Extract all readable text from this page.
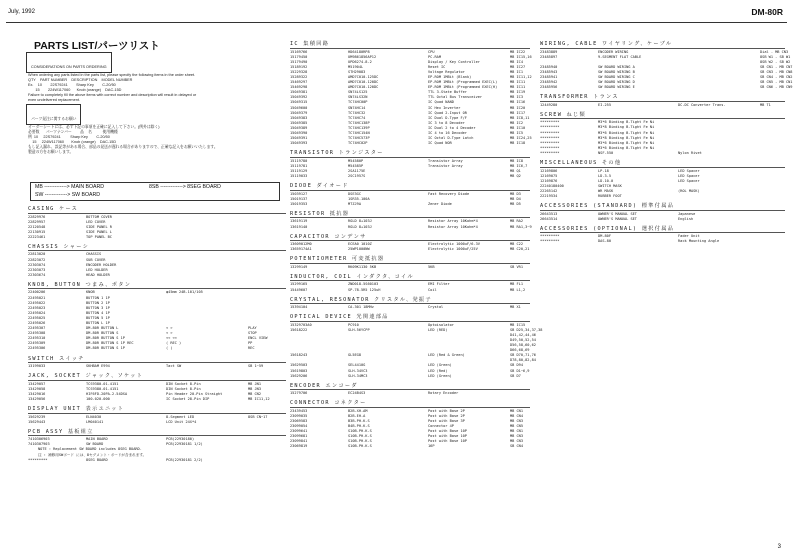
July, 1992	DM-80R
3
PARTS LIST/パーツリスト
CONSIDERATIONS ON PARTS ORDERING
When ordering any parts listed in the parts list, please specify the following items in the order sheet.
QTY    PART NUMBER    DESCRIPTION    MODEL NUMBER
Ex.    10        22S79241        Sharp Key        C-20/50
15        224W117060      Knob (orange)    DAC-15D
Failure to completely fill the above items with correct number and description will result in delayed or
even undelivered replacement.
パーツ発注に関するお願い
オーダーシートには、必ず下記の事項を正確に記入して下さい。(例外は除く)
必要数      パーツナンバー        品    名          使用機種
例  10     22S79241         Sharp Key        C-20/50
15     224W117060       Knob (orange)    DAC-15D
もし記入漏れ、誤記等がある場合、部品の発送が遅れる場合がありますので、正確な記入をお願いいたします。
製造の方をお願いします。
MB -------------> MAIN BOARD
SW -------------> SW BOARD
8SB -------------> 8SEG BOARD
CASING ケース
22829976	BOTTOM COVER
22829957	LED COVER
22120548	SIDE PANEL R
22130915	SIDE PANEL L
22223461	TOP PANEL BC
CHASSIS シャーシ
22813020	CHASSIS
22823072	SUB COVER
22303074	ENCODER HOLDER
22303073	LED HOLDER
22303674	HEAD HOLDER
KNOB, BUTTON つまみ、ボタン
22400206	KNOB	φ45mm 24B-101/105
22495021	BUTTON 1 1P
22495022	BUTTON 2 1P
22495023	BUTTON 3 1P
22495024	BUTTON 4 1P
22495025	BUTTON 5 1P
22495026	BUTTON L 1P
22495307	DM-80R BUTTON L	< >	PLAY
22495308	DM-80R BUTTON S	< >	STOP
22495310	DM-80R BUTTON S 1P	<< <<	ENCL VIEW
22495309	DM-80R BUTTON S 1P REC	( REC )	PP
22495306	DM-80R BUTTON S 1P	( )	REC
SWITCH スイッチ
13199033	SKHBAM E994	Tact SW	SB 1~59
JACK, SOCKET ジャック、ソケット
13429057	TCS9380-01-4151	DIN Socket 8-Pin	MB JN1
13429058	TCS9380-01-4151	DIN Socket 8-Pin	MB JN3
13429016	HIF6FD-20PA-2.54DSA	Pin Header 20-Pin Straight	MB CN2
13429056	100-020-000	IC Socket 28-Pin DIP	MB IC11,12
DISPLAY UNIT 表示ユニット
15629239	ELN4030	8-Segment LED	8SB CN~17
15629443	LM040141	LCD Unit 24X*4
PCB ASSY 基板組立
7410306903	MAIN BOARD	PCB(22930180)
7410307903	SW BOARD	PCB(22930181 1/2)
NOTE : Replacement SW BOARD includes 8SEG BOARD.
注 : 補修用SWボード には、8セグメント・ボードが含まれます。
*********	8SEG BOARD	PCB(22930181 2/2)
IC 集積回路
15169766	HD64180RP8	CPU	MB IC22
15179450	UM9861856AP12	PC-RAM	MB IC15,16
15179490	UPD6274-8-2	Display / Key Controller	MB IC4
15189192	M51904L	Reset IC	MB IC27
15229328	STH29083	Voltage Regulator	MB IC1
15289322	AMD7C010-125DC	EP-ROM 1MBit (Blank)	MB IC11,12
15469297	AMD7C010-120DC	EP-ROM 1MBit (Programmed EXEC(L)	MB IC11
15469298	AMD7C010-120DC	EP-ROM 1MBit (Programmed EXEC(H)	MB IC11
15049381	SN74LS125	TTL 3-State Buffer	MB IC19
15049392	SN74LS32N	TTL Octal Bus Transceiver	MB IC3
15049315	TC74HC00P	IC Quad NAND	MB IC16
15049600	SN74HC14	IC Hex Inverter	MB IC20
15049379	TC74HC32	IC Quad 2-Input OR	MB IC17
15049383	TC74HC74	IC Dual D-Type F/F	MB IC8,11
15049385	TC74HC138P	IC 3 to 8 Decoder	MB IC2
15049389	TC74HC139P	IC Dual 2 to 4 Decoder	MB IC10
15049390	TC74HC154N	IC 4 to 16 Decoder	MB IC5
15049391	TC74HC573P	IC Octal D-Type Latch	MB IC24,25
15049393	TC74HC02P	IC Quad NOR	MB IC18
TRANSISTOR トランジスター
15119780	M54580P	Transistor Array	MB IC8
15119781	M54585P	Transistor Array	MB IC6,7
15119129	2SA1175E	MB Q1
15119033	2SC1957S	MB Q2
DIODE ダイオード
15039127	DSE3GC	Fast Recovery Diode	MB D3
15019137	1SR35-100A	MB D4
15019353	MTZJ9A	Zener Diode	MB D5
RESISTOR 抵抗器
13619119	RGLD 8+103J	Resistor Array 10Kohm*4	MB RA2
13619140	RGLD 8+103J	Resistor Array 10Kohm*4	MB RA1,3~9
CAPACITOR コンデンサ
13609012M0	ECEA0 1010Z	Electrolytic 1000uF/6.3V	MB C22
13659174A1	25WP1000NW	Electrolytic 1000uF/25V	MB C20,21
POTENTIOMETER 可変抵抗器
13299149	RK09K1130 5KB	5KB	SB VR1
INDUCTOR, COIL インダクタ、コイル
15299165	ZND018-5S60103	EMI Filter	MB FL1
15449607	SP-78-5R5 125uH	Coil	MB L1,2
CRYSTAL, RESONATOR クリスタル、発振子
15394104	CA-301 18MHz	Crystal	MB X1
OPTICAL DEVICE 光関連部品
15329703A0	PC910	Optoisolator	MB IC15
15618222	SLH-56YCPP	LED (RED)	SB D25,34,37,38
D41,42,44,46
D49,50,52,54
D56,58,60,62
D66,68,69
15618243	GL5EG8	LED (Red & Green)	SB D70,71,76
D78,80,82,84
15629503	SEL4410G	LED (Green)	SB D94
15619803	SLH-34VC3	LED (Red)	SB D1~6,9
15629206	SLH-34MC3	LED (Green)	SB D7
ENCODER エンコーダ
15279706	EC24B4S3	Rotary Encoder
CONNECTOR コネクター
23439453	B2B-XH-AM	Post with Base 2P	MB CN1
23099035	B2B-EH-A	Post with Base 2P	MB CN4
23069583	B3B-PH-K-S	Post with Base 3P	MB CN3
23099054	B4B-PH-K-S	Connector 4P	MB CN5
23099641	S10B-PH-K-S	Post with Base 10P	MB CN1
23099681	S10B-PH-K-S	Post with Base 10P	MB CN3
23099841	S10B-PH-K-S	Post with Base 10P	MB CN3
23069819	S10B-PH-K-S	16P	SB CN4
WIRING, CABLE ワイヤリング、ケーブル
23483889	ENCODER WIRING	Dial - MB CN3
23485897	9-SEGMENT FLAT CABLE	8SB W1 - SB W1
8SB W2 - SB W2
23485940	SW BOARD WIRING A	SB CN1 - MB CN7
23485943	SW BOARD WIRING B	SB CN3 - MB CN8
23485941	SW BOARD WIRING C	SB CN4 - MB CN2
23485942	SW BOARD WIRING D	SB CN5 - MB CN1
23485956	SW BOARD WIRING E	SB CN6 - MB CN9
TRANSFORMER トランス
12449280	EI-255	DC-DC Converter Trans.	MB T1
SCREW ねじ類
*********	M3*6 Binding B-Tight Fe Ni
*********	M3*8 Binding B-Tight Fe Ni
*********	M3*6 Binding B-Tight Fe Ni
*********	M3*8 Binding B-Tight Fe Ni
*********	M3*6 Binding B-Tight Fe Ni
*********	M3*6 Binding B-Tight Fe Ni
*********	NSF-550	Nylon Rivet
MISCELLANEOUS その他
12169806	LP-18	LED Spacer
12169075	LD-3-5	LED Spacer
12169876	LD-10-0	LED Spacer
22240180400	SWITCH MASK
22265142	WR MASK	(ROL MASK)
22219534	RUBBER FOOT
ACCESSORIES (STANDARD) 標準付属品
26643513	OWNER'S MANUAL SET	Japanese
26643514	OWNER'S MANUAL SET	English
ACCESSORIES (OPTIONAL) 選択付属品
*********	DM-80F	Fader Unit
*********	DAS-80	Rack Mounting Angle
